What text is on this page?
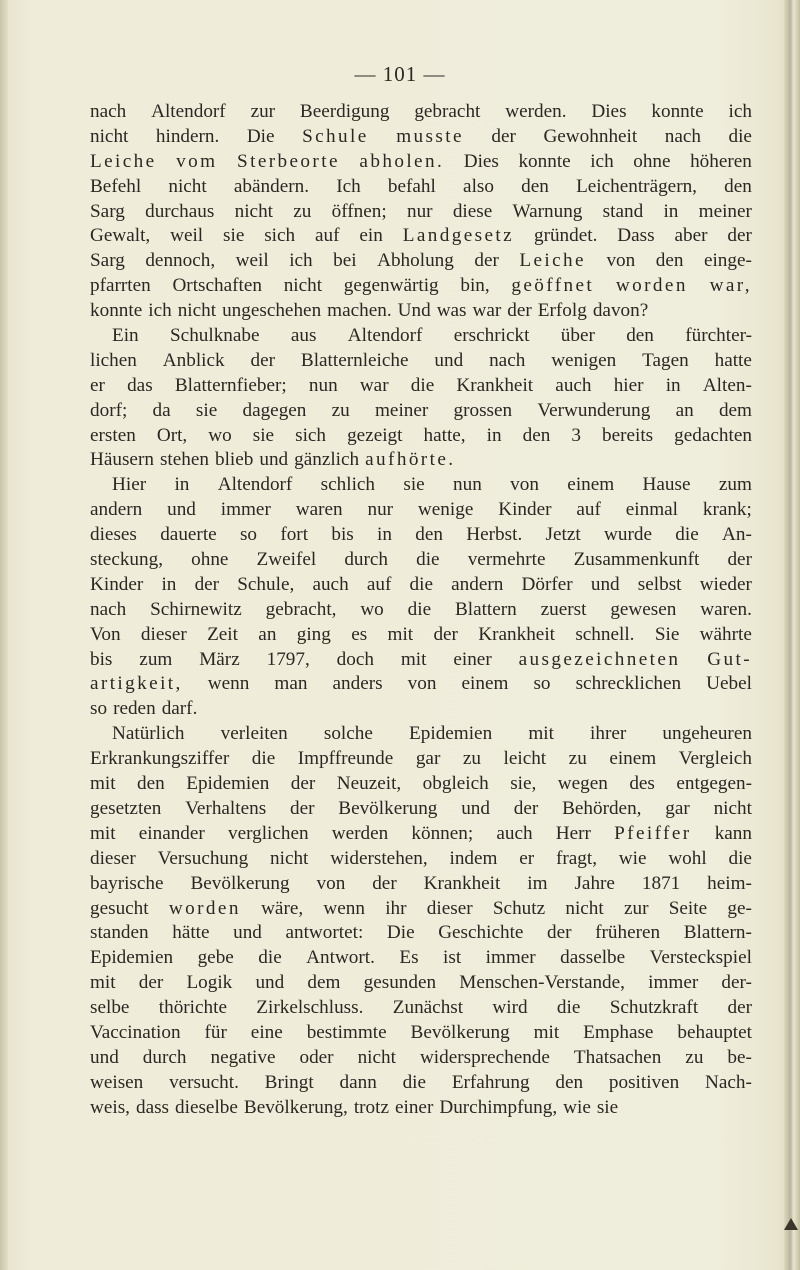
— 101 —
nach Altendorf zur Beerdigung gebracht werden. Dies konnte ich
nicht hindern. Die Schule musste der Gewohnheit nach die
Leiche vom Sterbeorte abholen. Dies konnte ich ohne höheren
Befehl nicht abändern. Ich befahl also den Leichenträgern, den
Sarg durchaus nicht zu öffnen; nur diese Warnung stand in meiner
Gewalt, weil sie sich auf ein Landgesetz gründet. Dass aber der
Sarg dennoch, weil ich bei Abholung der Leiche von den einge-
pfarrten Ortschaften nicht gegenwärtig bin, geöffnet worden war,
konnte ich nicht ungeschehen machen. Und was war der Erfolg davon?
Ein Schulknabe aus Altendorf erschrickt über den fürchter-
lichen Anblick der Blatternleiche und nach wenigen Tagen hatte
er das Blatternfieber; nun war die Krankheit auch hier in Alten-
dorf; da sie dagegen zu meiner grossen Verwunderung an dem
ersten Ort, wo sie sich gezeigt hatte, in den 3 bereits gedachten
Häusern stehen blieb und gänzlich aufhörte.
Hier in Altendorf schlich sie nun von einem Hause zum
andern und immer waren nur wenige Kinder auf einmal krank;
dieses dauerte so fort bis in den Herbst. Jetzt wurde die An-
steckung, ohne Zweifel durch die vermehrte Zusammenkunft der
Kinder in der Schule, auch auf die andern Dörfer und selbst wieder
nach Schirnewitz gebracht, wo die Blattern zuerst gewesen waren.
Von dieser Zeit an ging es mit der Krankheit schnell. Sie währte
bis zum März 1797, doch mit einer ausgezeichneten Gut-
artigkeit, wenn man anders von einem so schrecklichen Uebel
so reden darf.
Natürlich verleiten solche Epidemien mit ihrer ungeheuren
Erkrankungsziffer die Impffreunde gar zu leicht zu einem Vergleich
mit den Epidemien der Neuzeit, obgleich sie, wegen des entgegen-
gesetzten Verhaltens der Bevölkerung und der Behörden, gar nicht
mit einander verglichen werden können; auch Herr Pfeiffer kann
dieser Versuchung nicht widerstehen, indem er fragt, wie wohl die
bayrische Bevölkerung von der Krankheit im Jahre 1871 heim-
gesucht worden wäre, wenn ihr dieser Schutz nicht zur Seite ge-
standen hätte und antwortet: Die Geschichte der früheren Blattern-
Epidemien gebe die Antwort. Es ist immer dasselbe Versteckspiel
mit der Logik und dem gesunden Menschen-Verstande, immer der-
selbe thörichte Zirkelschluss. Zunächst wird die Schutzkraft der
Vaccination für eine bestimmte Bevölkerung mit Emphase behauptet
und durch negative oder nicht widersprechende Thatsachen zu be-
weisen versucht. Bringt dann die Erfahrung den positiven Nach-
weis, dass dieselbe Bevölkerung, trotz einer Durchimpfung, wie sie
